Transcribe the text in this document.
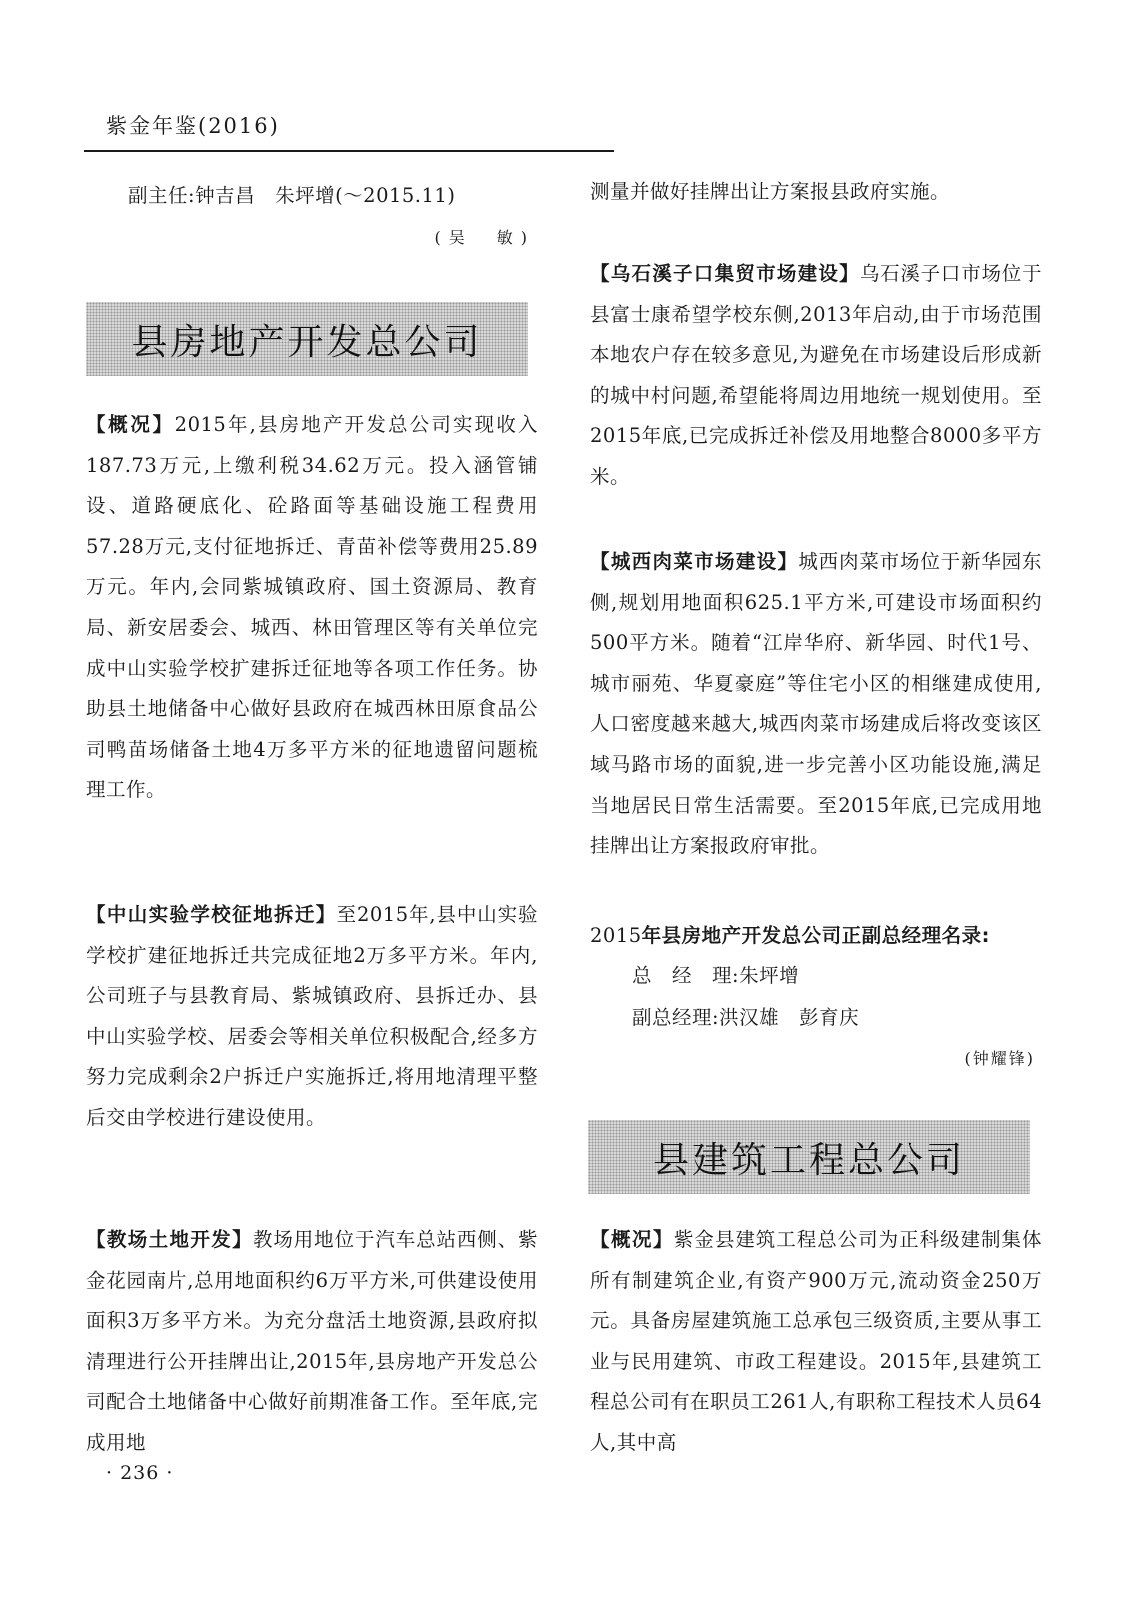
紫金年鉴(2016)
副主任:钟吉昌　朱坪增(～2015.11)
(吴　敏)
县房地产开发总公司
【概况】2015年,县房地产开发总公司实现收入187.73万元,上缴利税34.62万元。投入涵管铺设、道路硬底化、砼路面等基础设施工程费用57.28万元,支付征地拆迁、青苗补偿等费用25.89万元。年内,会同紫城镇政府、国土资源局、教育局、新安居委会、城西、林田管理区等有关单位完成中山实验学校扩建拆迁征地等各项工作任务。协助县土地储备中心做好县政府在城西林田原食品公司鸭苗场储备土地4万多平方米的征地遗留问题梳理工作。
【中山实验学校征地拆迁】至2015年,县中山实验学校扩建征地拆迁共完成征地2万多平方米。年内,公司班子与县教育局、紫城镇政府、县拆迁办、县中山实验学校、居委会等相关单位积极配合,经多方努力完成剩余2户拆迁户实施拆迁,将用地清理平整后交由学校进行建设使用。
【教场土地开发】教场用地位于汽车总站西侧、紫金花园南片,总用地面积约6万平方米,可供建设使用面积3万多平方米。为充分盘活土地资源,县政府拟清理进行公开挂牌出让,2015年,县房地产开发总公司配合土地储备中心做好前期准备工作。至年底,完成用地
测量并做好挂牌出让方案报县政府实施。
【乌石溪子口集贸市场建设】乌石溪子口市场位于县富士康希望学校东侧,2013年启动,由于市场范围本地农户存在较多意见,为避免在市场建设后形成新的城中村问题,希望能将周边用地统一规划使用。至2015年底,已完成拆迁补偿及用地整合8000多平方米。
【城西肉菜市场建设】城西肉菜市场位于新华园东侧,规划用地面积625.1平方米,可建设市场面积约500平方米。随着“江岸华府、新华园、时代1号、城市丽苑、华夏豪庭”等住宅小区的相继建成使用,人口密度越来越大,城西肉菜市场建成后将改变该区域马路市场的面貌,进一步完善小区功能设施,满足当地居民日常生活需要。至2015年底,已完成用地挂牌出让方案报政府审批。
2015年县房地产开发总公司正副总经理名录:
总　经　理:朱坪增
副总经理:洪汉雄　彭育庆
(钟耀锋)
县建筑工程总公司
【概况】紫金县建筑工程总公司为正科级建制集体所有制建筑企业,有资产900万元,流动资金250万元。具备房屋建筑施工总承包三级资质,主要从事工业与民用建筑、市政工程建设。2015年,县建筑工程总公司有在职员工261人,有职称工程技术人员64人,其中高
· 236 ·
